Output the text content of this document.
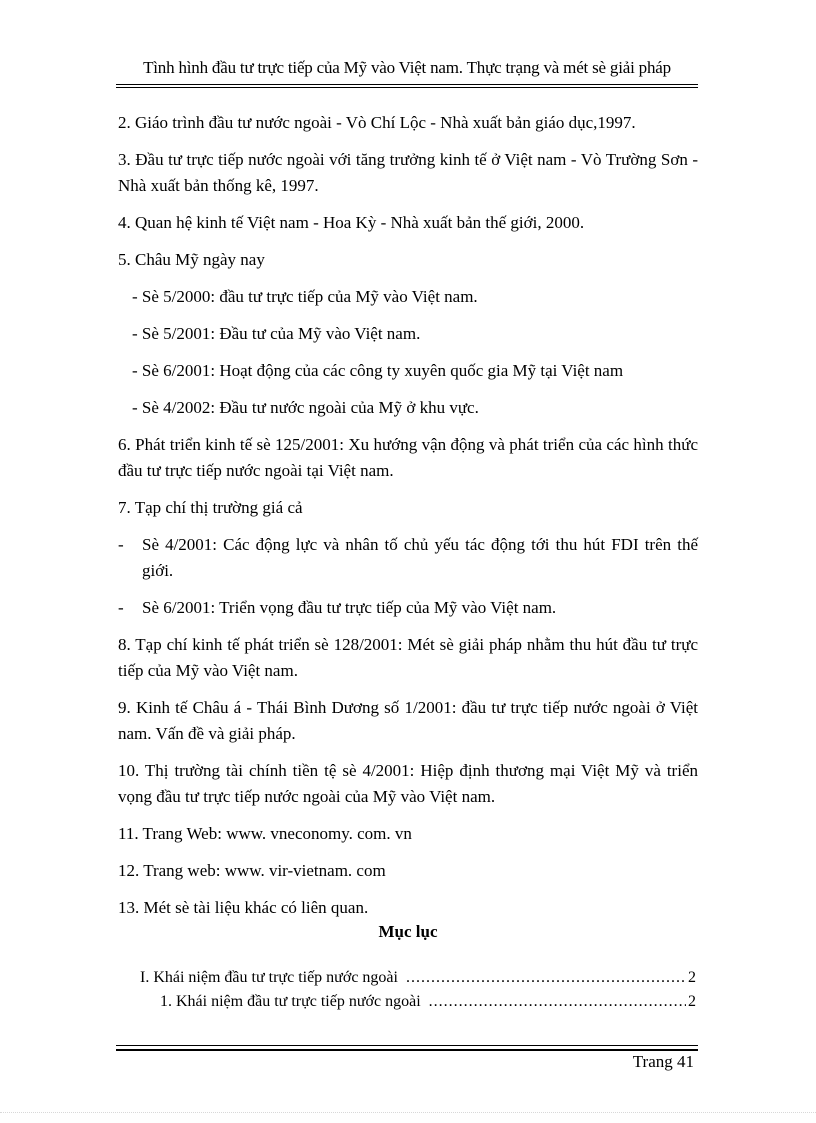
Tình hình đầu tư trực tiếp của Mỹ vào Việt nam. Thực trạng và mét sè giải pháp

2. Giáo trình đầu tư nước ngoài - Vò Chí Lộc - Nhà xuất bản giáo dục,1997.

3. Đầu tư trực tiếp nước ngoài với tăng trưởng kinh tế ở Việt nam - Vò Trường Sơn - Nhà xuất bản thống kê, 1997.

4. Quan hệ kinh tế Việt nam - Hoa Kỳ - Nhà xuất bản thế giới, 2000.

5. Châu Mỹ ngày nay

- Sè 5/2000: đầu tư trực tiếp của Mỹ vào Việt nam.

- Sè 5/2001: Đầu tư của Mỹ vào Việt nam.

- Sè 6/2001: Hoạt động của các công ty xuyên quốc gia Mỹ tại Việt nam

- Sè 4/2002: Đầu tư nước ngoài của Mỹ ở khu vực.

6. Phát triển kinh tế sè 125/2001: Xu hướng vận động và phát triển của các hình thức đầu tư trực tiếp nước ngoài tại Việt nam.

7. Tạp chí thị trường giá cả

-	Sè 4/2001: Các động lực và nhân tố chủ yếu tác động tới thu hút FDI trên thế giới.
-	Sè 6/2001: Triển vọng đầu tư trực tiếp của Mỹ vào Việt nam.

8. Tạp chí kinh tế phát triển sè 128/2001: Mét sè giải pháp nhằm thu hút đầu tư trực tiếp của Mỹ vào Việt nam.

9. Kinh tế Châu á - Thái Bình Dương số 1/2001: đầu tư trực tiếp nước ngoài ở Việt nam. Vấn đề và giải pháp.

10. Thị trường tài chính tiền tệ sè 4/2001: Hiệp định thương mại Việt Mỹ và triển vọng đầu tư trực tiếp nước ngoài của Mỹ vào Việt nam.

11. Trang Web: www. vneconomy. com. vn

12. Trang web: www. vir-vietnam. com

13. Mét sè tài liệu khác có liên quan.

Mục lục
I. Khái niệm đầu tư trực tiếp nước ngoài .....	2
1. Khái niệm đầu tư trực tiếp nước ngoài .....	2
Trang 41
